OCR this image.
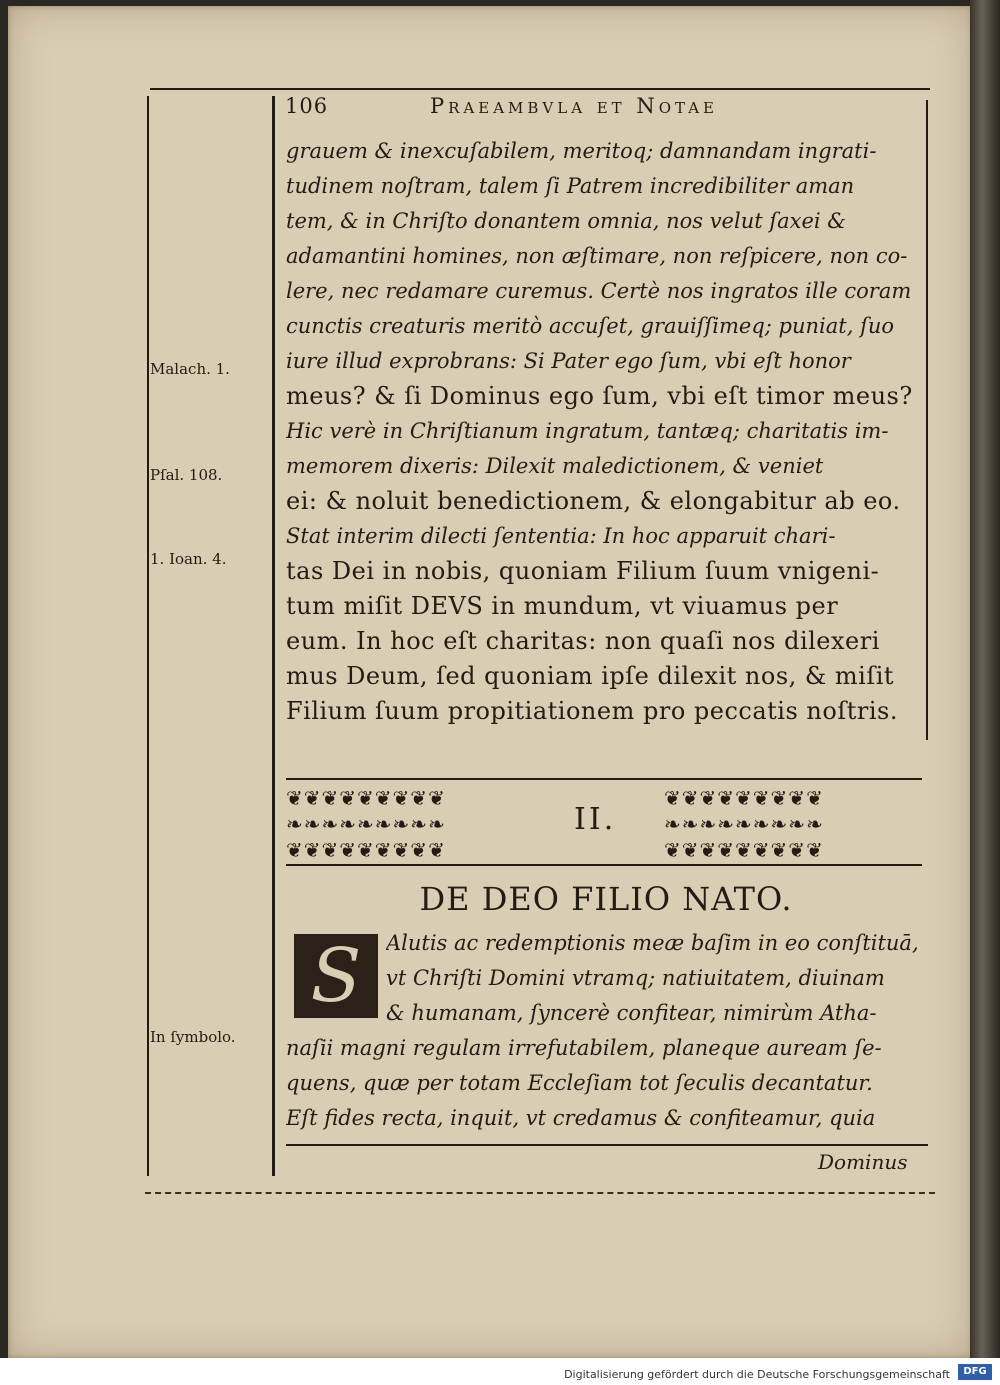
106	Praeambvla et Notae
Malach. 1.
Pſal. 108.
1. Ioan. 4.
In ſymbolo.
grauem & inexcuſabilem, meritoq; damnandam ingrati-
tudinem noſtram, talem ſi Patrem incredibiliter aman
tem, & in Chriſto donantem omnia, nos velut ſaxei &
adamantini homines, non æſtimare, non reſpicere, non co-
lere, nec redamare curemus. Certè nos ingratos ille coram
cunctis creaturis meritò accuſet, grauiſſimeq; puniat, ſuo
iure illud exprobrans: Si Pater ego ſum, vbi eſt honor
meus? & ſi Dominus ego ſum, vbi eſt timor meus?
Hic verè in Chriſtianum ingratum, tantæq; charitatis im-
memorem dixeris: Dilexit maledictionem, & veniet
ei: & noluit benedictionem, & elongabitur ab eo.
Stat interim dilecti ſententia: In hoc apparuit chari-
tas Dei in nobis, quoniam Filium ſuum vnigeni-
tum miſit DEVS in mundum, vt viuamus per
eum. In hoc eſt charitas: non quaſi nos dilexeri
mus Deum, ſed quoniam ipſe dilexit nos, & miſit
Filium ſuum propitiationem pro peccatis noſtris.
❦❦❦❦❦❦❦❦❦
❧❧❧❧❧❧❧❧❧
❦❦❦❦❦❦❦❦❦
II.
❦❦❦❦❦❦❦❦❦
❧❧❧❧❧❧❧❧❧
❦❦❦❦❦❦❦❦❦
DE DEO FILIO NATO.
S	Alutis ac redemptionis meæ baſim in eo conſtituā,
vt Chriſti Domini vtramq; natiuitatem, diuinam
& humanam, ſyncerè confitear, nimirùm Atha-
naſii magni regulam irrefutabilem, planeque auream ſe-
quens, quæ per totam Eccleſiam tot ſeculis decantatur.
Eſt fides recta, inquit, vt credamus & confiteamur, quia
Dominus
Digitalisierung gefördert durch die Deutsche Forschungsgemeinschaft	DFG
